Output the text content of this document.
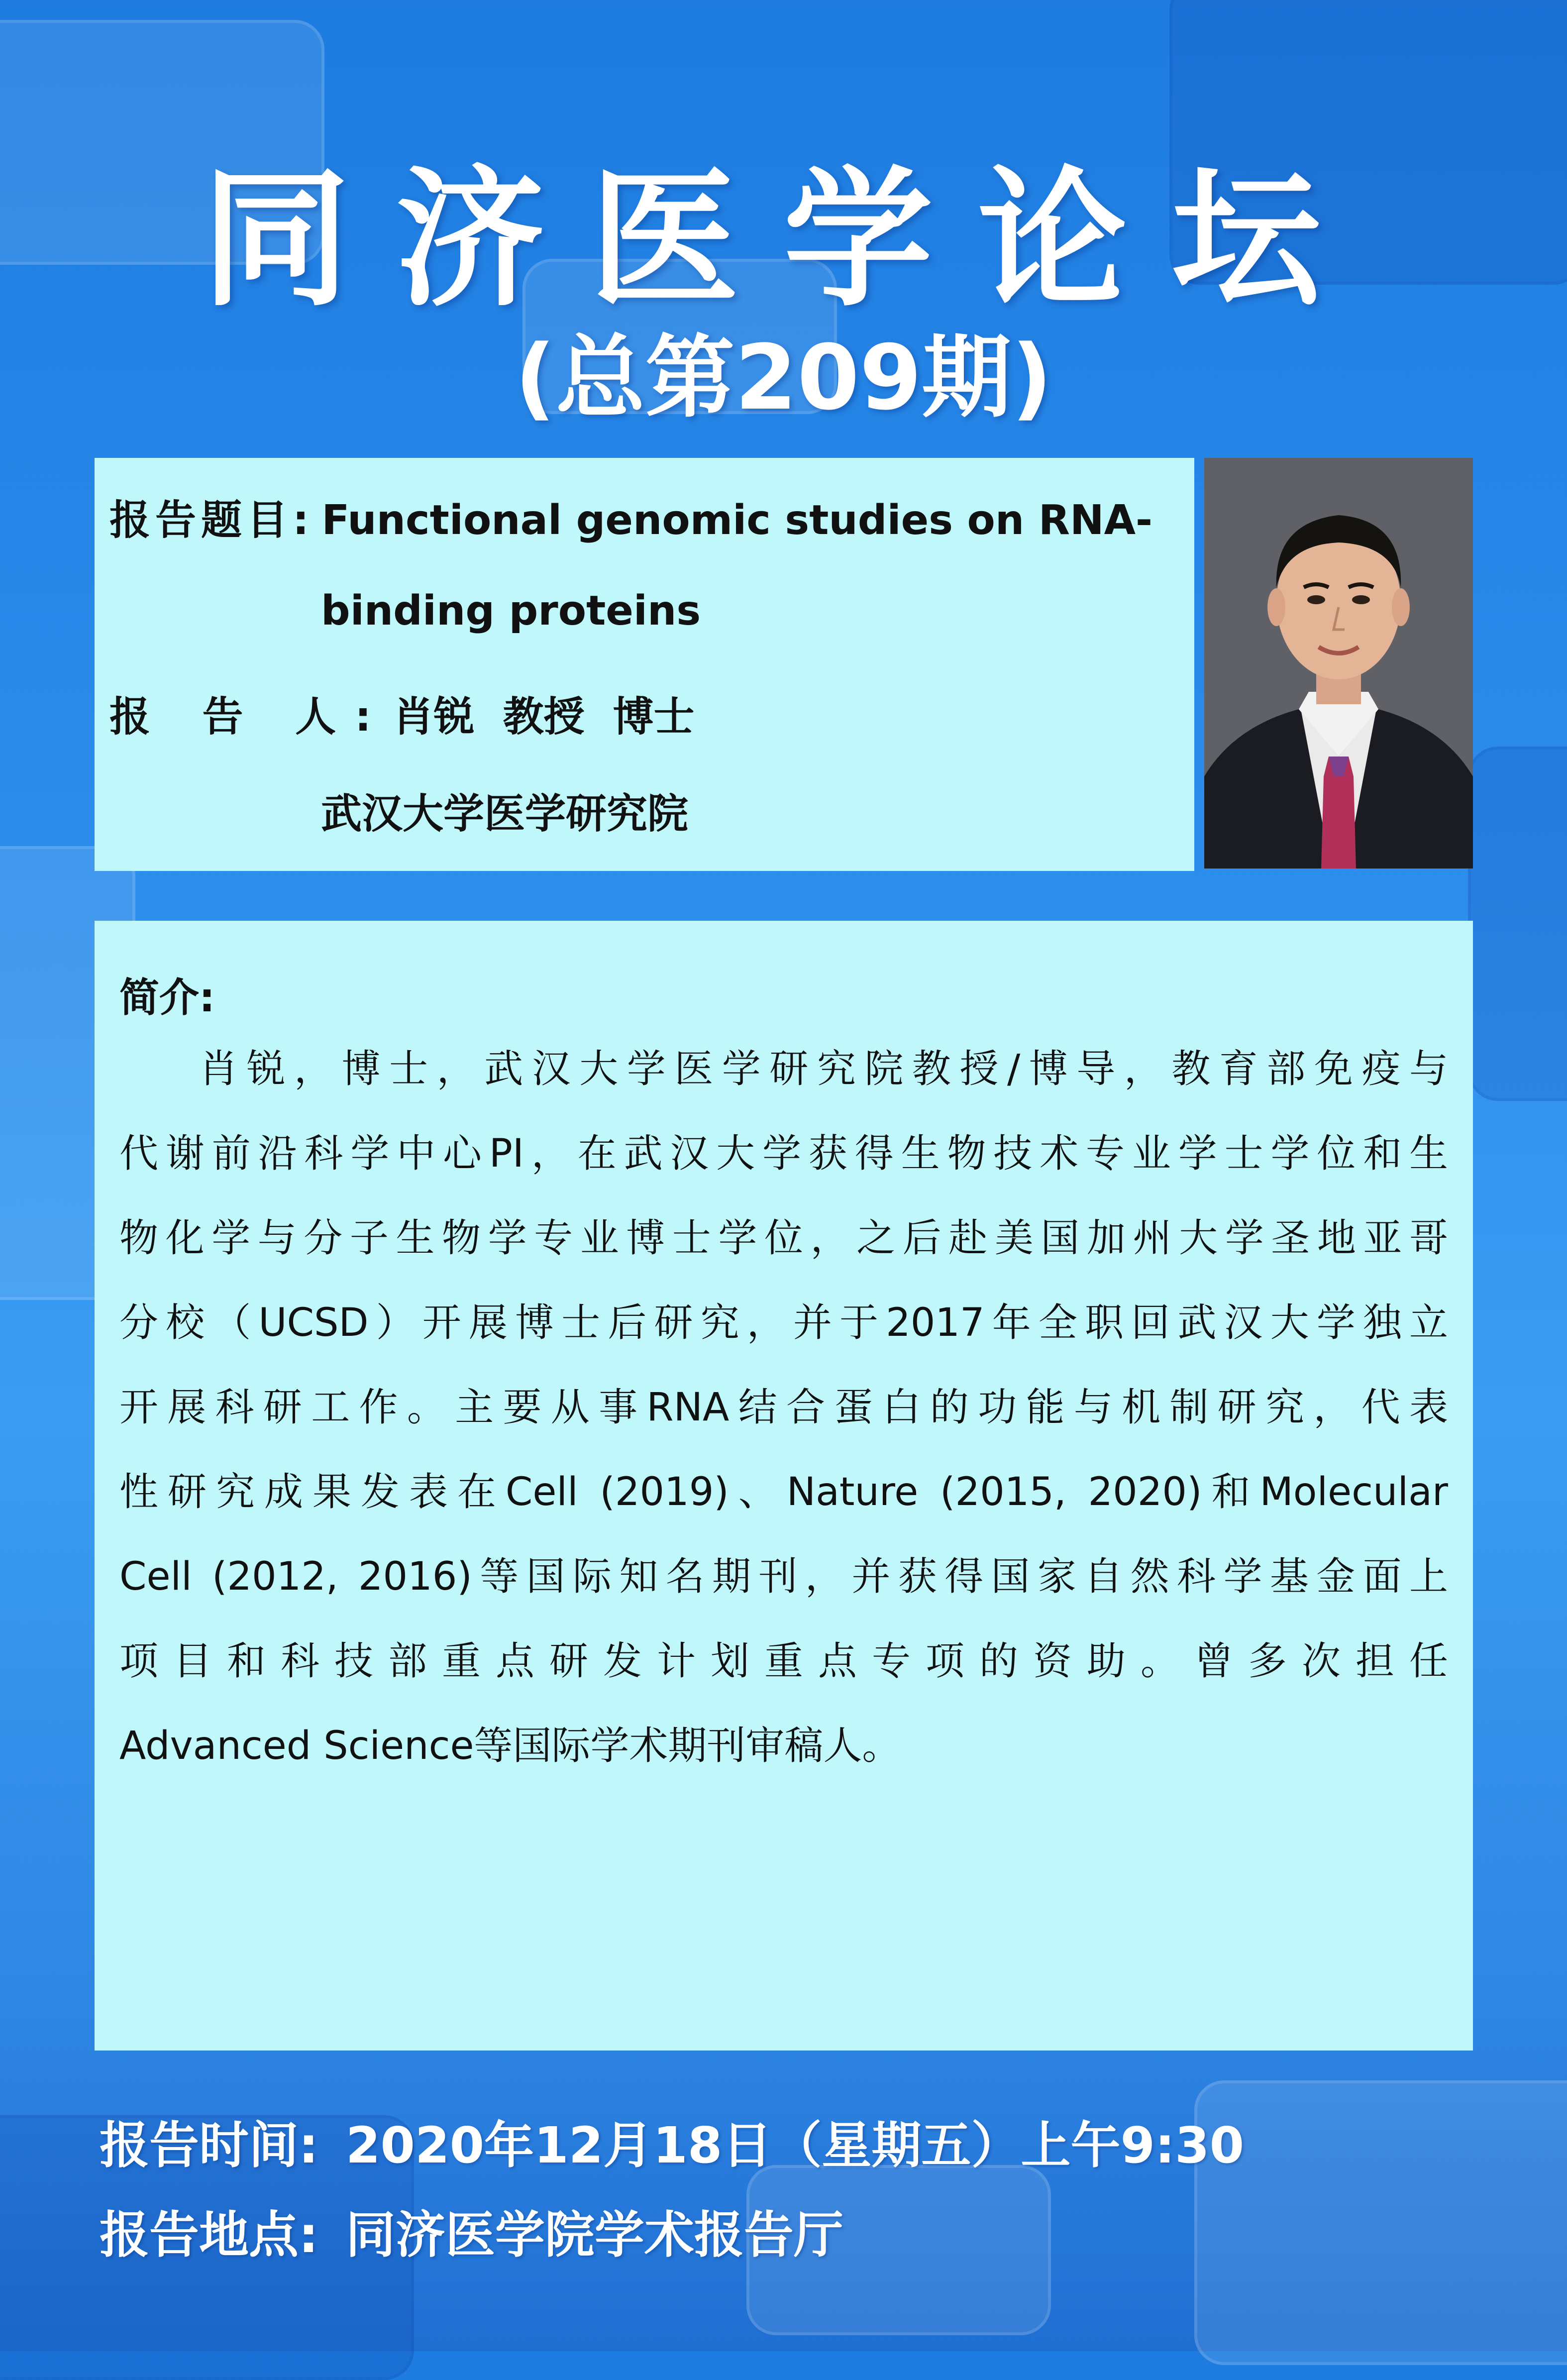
同济医学论坛
(总第209期)
报告题目: Functional genomic studies on RNA-
binding proteins
报 告 人: 肖锐  教授  博士
武汉大学医学研究院
简介:
肖锐，博士，武汉大学医学研究院教授/博导，教育部免疫与
代谢前沿科学中心PI，在武汉大学获得生物技术专业学士学位和生
物化学与分子生物学专业博士学位，之后赴美国加州大学圣地亚哥
分校（UCSD）开展博士后研究，并于2017年全职回武汉大学独立
开展科研工作。主要从事RNA结合蛋白的功能与机制研究，代表
性研究成果发表在Cell (2019)、Nature (2015, 2020)和Molecular
Cell (2012, 2016)等国际知名期刊，并获得国家自然科学基金面上
项目和科技部重点研发计划重点专项的资助。曾多次担任
Advanced Science等国际学术期刊审稿人。
报告时间: 2020年12月18日（星期五）上午9:30
报告地点: 同济医学院学术报告厅
